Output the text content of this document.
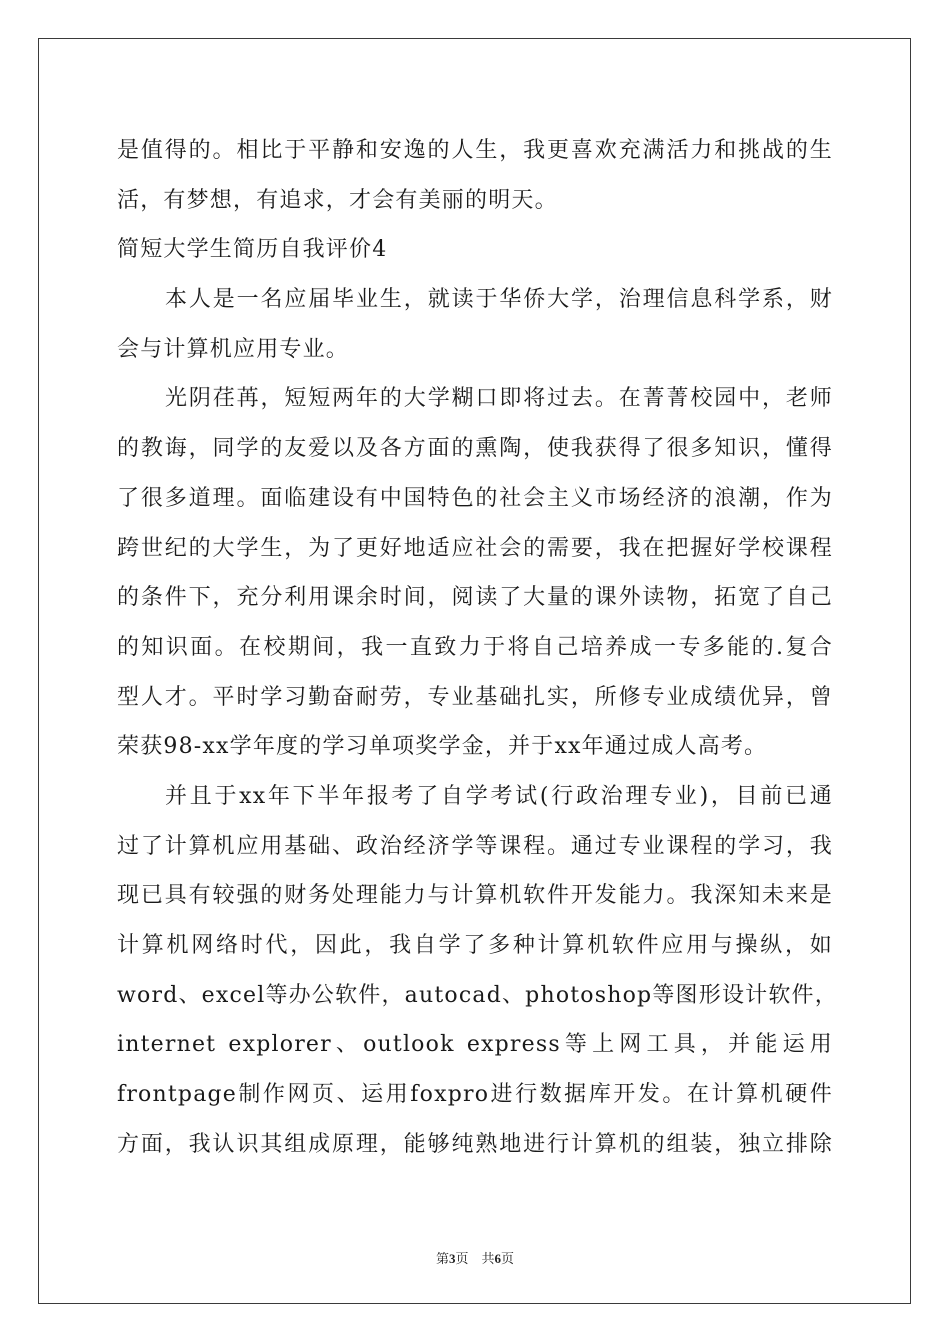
是值得的。相比于平静和安逸的人生，我更喜欢充满活力和挑战的生
活，有梦想，有追求，才会有美丽的明天。
简短大学生简历自我评价4
本人是一名应届毕业生，就读于华侨大学，治理信息科学系，财
会与计算机应用专业。
光阴荏苒，短短两年的大学糊口即将过去。在菁菁校园中，老师
的教诲，同学的友爱以及各方面的熏陶，使我获得了很多知识，懂得
了很多道理。面临建设有中国特色的社会主义市场经济的浪潮，作为
跨世纪的大学生，为了更好地适应社会的需要，我在把握好学校课程
的条件下，充分利用课余时间，阅读了大量的课外读物，拓宽了自己
的知识面。在校期间，我一直致力于将自己培养成一专多能的.复合
型人才。平时学习勤奋耐劳，专业基础扎实，所修专业成绩优异，曾
荣获98-xx学年度的学习单项奖学金，并于xx年通过成人高考。
并且于xx年下半年报考了自学考试(行政治理专业)，目前已通
过了计算机应用基础、政治经济学等课程。通过专业课程的学习，我
现已具有较强的财务处理能力与计算机软件开发能力。我深知未来是
计算机网络时代，因此，我自学了多种计算机软件应用与操纵，如
word、excel等办公软件，autocad、photoshop等图形设计软件，
internet explorer、outlook express等上网工具，并能运用
frontpage制作网页、运用foxpro进行数据库开发。在计算机硬件
方面，我认识其组成原理，能够纯熟地进行计算机的组装，独立排除
第3页　共6页
